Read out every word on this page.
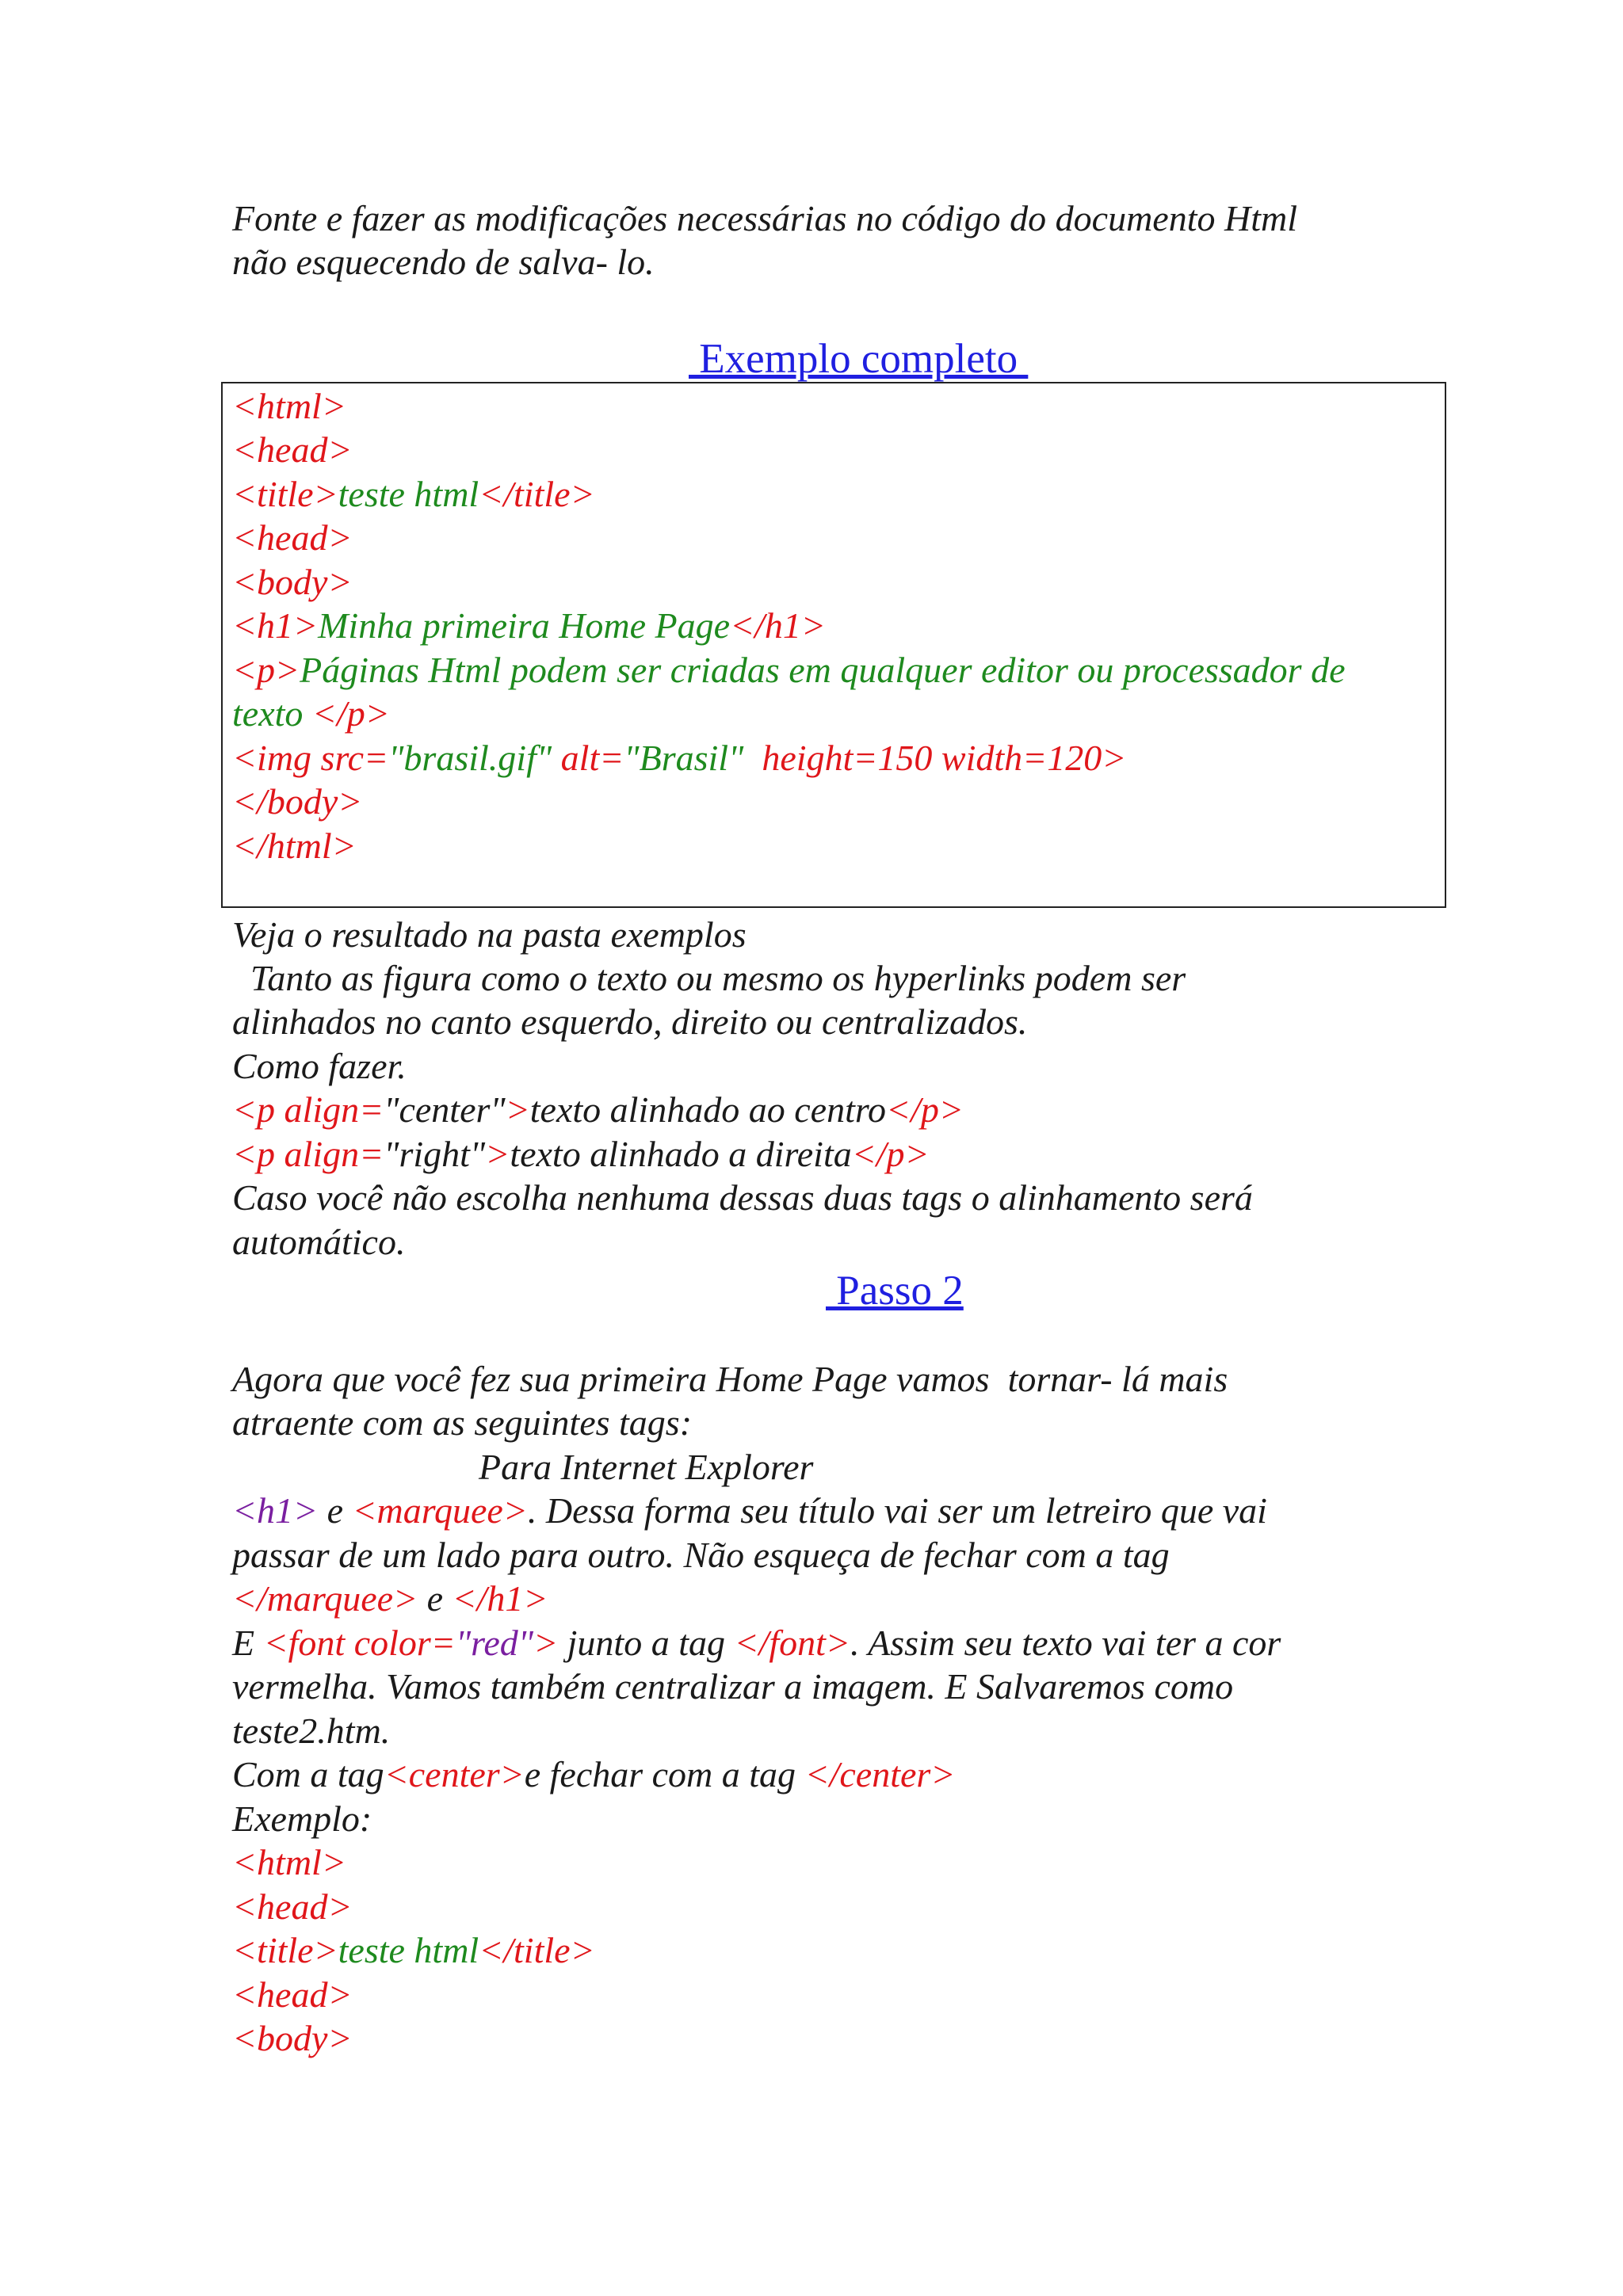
Fonte e fazer as modificações necessárias no código do documento Html
não esquecendo de salva- lo.
Exemplo completo
<html>
<head>
<title>teste html</title>
<head>
<body>
<h1>Minha primeira Home Page</h1>
<p>Páginas Html podem ser criadas em qualquer editor ou processador de
texto </p>
<img src="brasil.gif" alt="Brasil"  height=150 width=120>
</body>
</html>
Veja o resultado na pasta exemplos
Tanto as figura como o texto ou mesmo os hyperlinks podem ser
alinhados no canto esquerdo, direito ou centralizados.
Como fazer.
<p align="center">texto alinhado ao centro</p>
<p align="right">texto alinhado a direita</p>
Caso você não escolha nenhuma dessas duas tags o alinhamento será
automático.
Passo 2
Agora que você fez sua primeira Home Page vamos  tornar- lá mais
atraente com as seguintes tags:
Para Internet Explorer
<h1> e <marquee>. Dessa forma seu título vai ser um letreiro que vai
passar de um lado para outro. Não esqueça de fechar com a tag
</marquee> e </h1>
E <font color="red"> junto a tag </font>. Assim seu texto vai ter a cor
vermelha. Vamos também centralizar a imagem. E Salvaremos como
teste2.htm.
Com a tag<center>e fechar com a tag </center>
Exemplo:
<html>
<head>
<title>teste html</title>
<head>
<body>
